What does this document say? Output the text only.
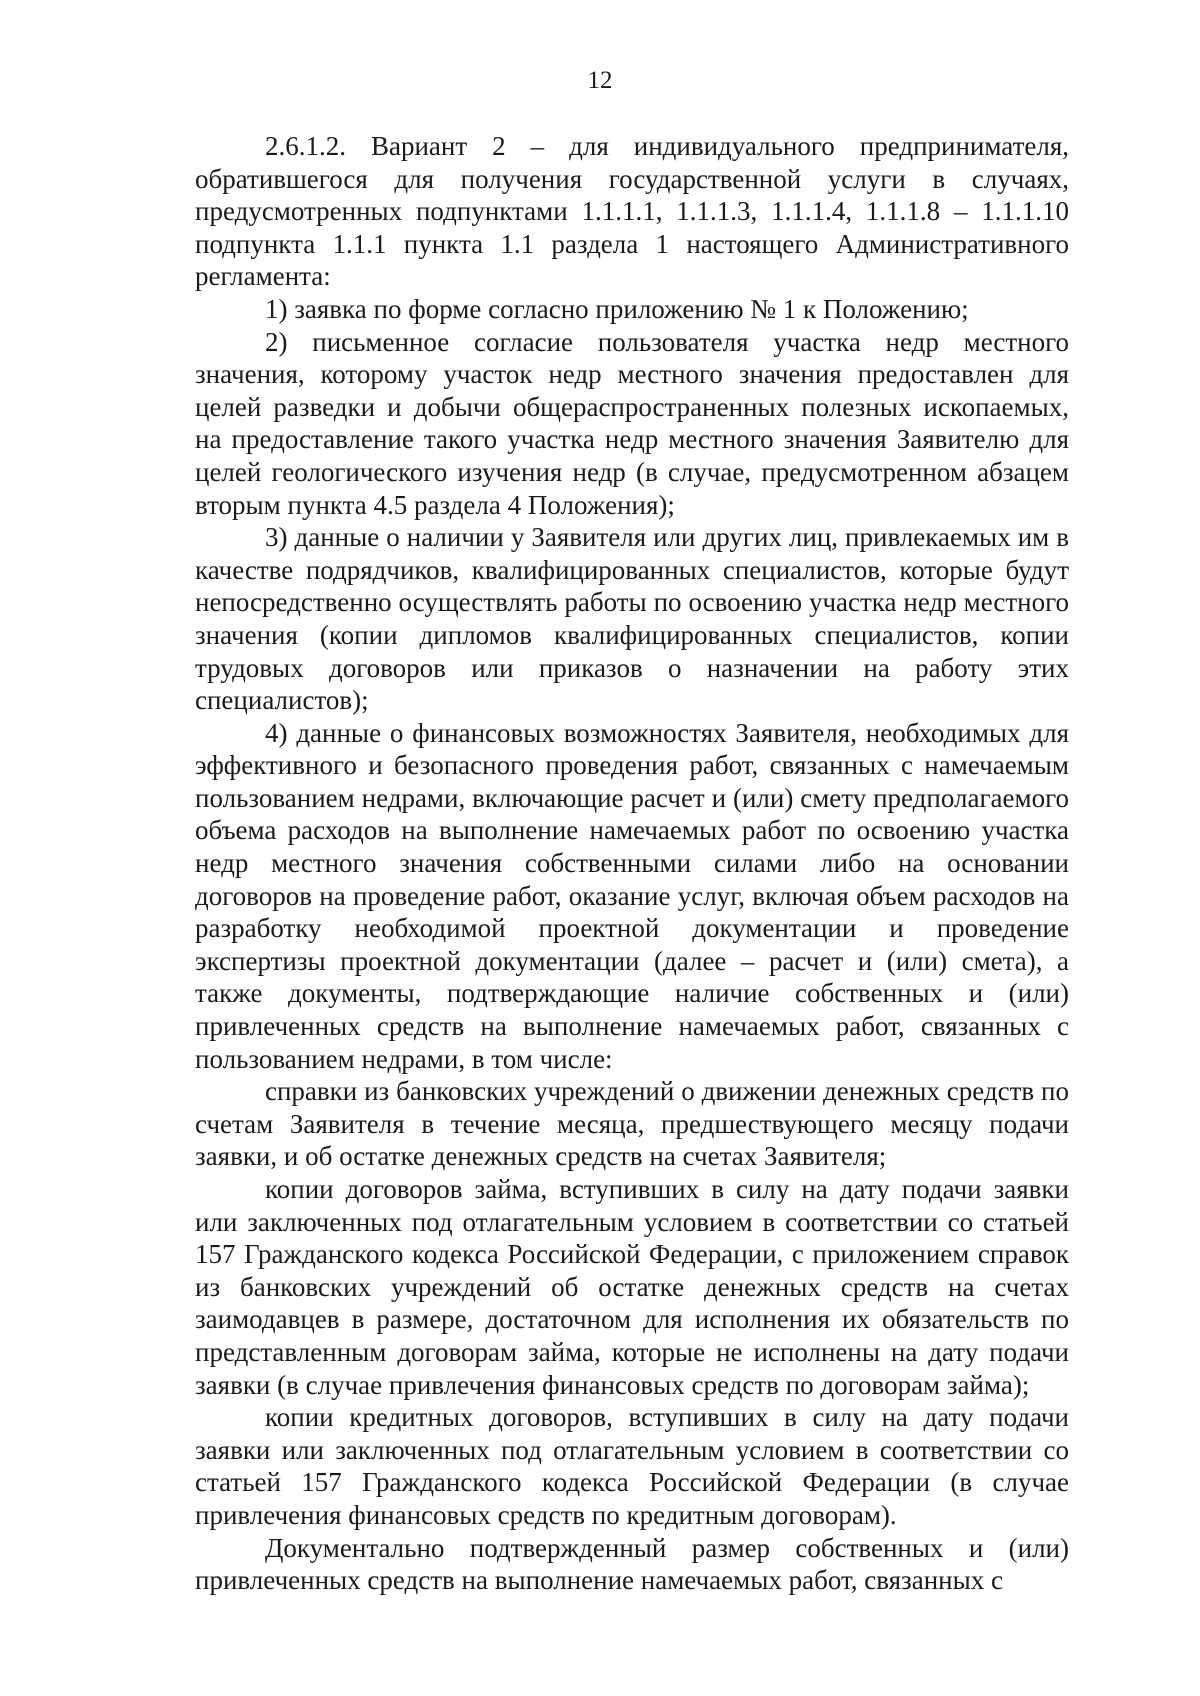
12

2.6.1.2. Вариант 2 – для индивидуального предпринимателя, обратившегося для получения государственной услуги в случаях, предусмотренных подпунктами 1.1.1.1, 1.1.1.3, 1.1.1.4, 1.1.1.8 – 1.1.1.10 подпункта 1.1.1 пункта 1.1 раздела 1 настоящего Административного регламента:

1) заявка по форме согласно приложению № 1 к Положению;

2) письменное согласие пользователя участка недр местного значения, которому участок недр местного значения предоставлен для целей разведки и добычи общераспространенных полезных ископаемых, на предоставление такого участка недр местного значения Заявителю для целей геологического изучения недр (в случае, предусмотренном абзацем вторым пункта 4.5 раздела 4 Положения);

3) данные о наличии у Заявителя или других лиц, привлекаемых им в качестве подрядчиков, квалифицированных специалистов, которые будут непосредственно осуществлять работы по освоению участка недр местного значения (копии дипломов квалифицированных специалистов, копии трудовых договоров или приказов о назначении на работу этих специалистов);

4) данные о финансовых возможностях Заявителя, необходимых для эффективного и безопасного проведения работ, связанных с намечаемым пользованием недрами, включающие расчет и (или) смету предполагаемого объема расходов на выполнение намечаемых работ по освоению участка недр местного значения собственными силами либо на основании договоров на проведение работ, оказание услуг, включая объем расходов на разработку необходимой проектной документации и проведение экспертизы проектной документации (далее – расчет и (или) смета), а также документы, подтверждающие наличие собственных и (или) привлеченных средств на выполнение намечаемых работ, связанных с пользованием недрами, в том числе:

справки из банковских учреждений о движении денежных средств по счетам Заявителя в течение месяца, предшествующего месяцу подачи заявки, и об остатке денежных средств на счетах Заявителя;

копии договоров займа, вступивших в силу на дату подачи заявки или заключенных под отлагательным условием в соответствии со статьей 157 Гражданского кодекса Российской Федерации, с приложением справок из банковских учреждений об остатке денежных средств на счетах заимодавцев в размере, достаточном для исполнения их обязательств по представленным договорам займа, которые не исполнены на дату подачи заявки (в случае привлечения финансовых средств по договорам займа);

копии кредитных договоров, вступивших в силу на дату подачи заявки или заключенных под отлагательным условием в соответствии со статьей 157 Гражданского кодекса Российской Федерации (в случае привлечения финансовых средств по кредитным договорам).

Документально подтвержденный размер собственных и (или) привлеченных средств на выполнение намечаемых работ, связанных с
